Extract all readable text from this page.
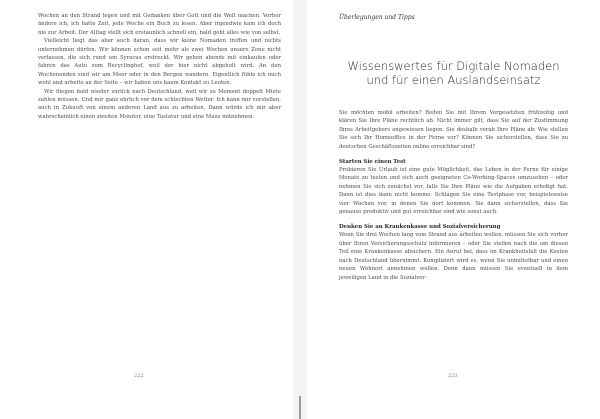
Wochen an den Strand legen und mit Gedanken über Gott und die Welt machen. Vorher ändere ich, ich hatte Zeit, jede Woche ein Buch zu lesen. Aber irgendwie kam ich doch nie zur Arbeit. Der Alltag stellt sich erstaunlich schnell ein, bald geht alles wie von selbst.

Vielleicht liegt das aber auch daran, dass wir keine Nomaden treffen und nichts unternehmen dürfen. Wir können schon seit mehr als zwei Wochen unsere Zone nicht verlassen, die sich rund um Syracus erstreckt. Wir gehen abends mit einkaufen oder fahren das Auto zum Recyclinghof, weil der hier nicht abgeholt wird. An den Wochenenden sind wir am Meer oder in den Bergen wandern. Eigentlich fühle ich mich wohl und arbeite an der Seite – wir haben uns kaum Kontakt zu Leuten.

Wir fliegen bald wieder zurück nach Deutschland, weil wir so Moment doppelt Miete zahlen müssen. Und mir ganz ehrlich vor dem schlechten Wetter. Ich kann mir vorstellen, auch in Zukunft von einem anderen Land aus zu arbeiten. Dann würde ich mir aber wahrscheinlich einen zweiten Monitor, eine Tastatur und eine Maus mitnehmen.

222
Überlegungen und Tipps
Wissenswertes für Digitale Nomaden und für einen Auslandseinsatz

Sie möchten mobil arbeiten? Reden Sie mit Ihrem Vorgesetzten frühzeitig und klären Sie Ihre Pläne rechtlich ab. Nicht immer gilt, dass Sie auf der Zustimmung Ihres Arbeitgebers angewiesen liegen. Sie deshalb vorab Ihre Pläne ab: Wie stellen Sie sich Ihr Homeoffice in der Ferne vor? Können Sie sicherstellen, dass Sie zu deutschen Geschäftszeiten online erreichbar sind?

Starten Sie einen Test

Probieren Sie Urlaub ist eine gute Möglichkeit, das Leben in der Ferne für einige Monate zu testen und sich auch geeigneten Co-Working-Spaces umzusehen – oder nehmen Sie sich zunächst vor, falls Sie Ihre Pläne wie die Aufgaben erledigt hat. Dann ist dies dann nicht komme. Schlagen Sie eine Testphase vor, beispielsweise vier Wochen vor, in denen Sie dort kommen. Sie dann sicherstellen, dass Sie genauso produktiv und gut erreichbar sind wie sonst auch.

Denken Sie an Krankenkasse und Sozialversicherung

Wenn Sie drei Wochen lang vom Strand aus arbeiten wollen, müssen Sie sich vorher über Ihren Versicherungsschutz informieren – oder Sie stellen nach die um diesen Teil eine Krankenkasse absichern. Ein Anruf bei, dass im Krankheitsfall die Kosten nach Deutschland übernimmt. Kompliziert wird es, wenn Sie unmittelbar und einen neuen Wohnort annehmen wollen. Denn dann müssen Sie eventuell in dem jeweiligen Land in die Sozialver-

223
